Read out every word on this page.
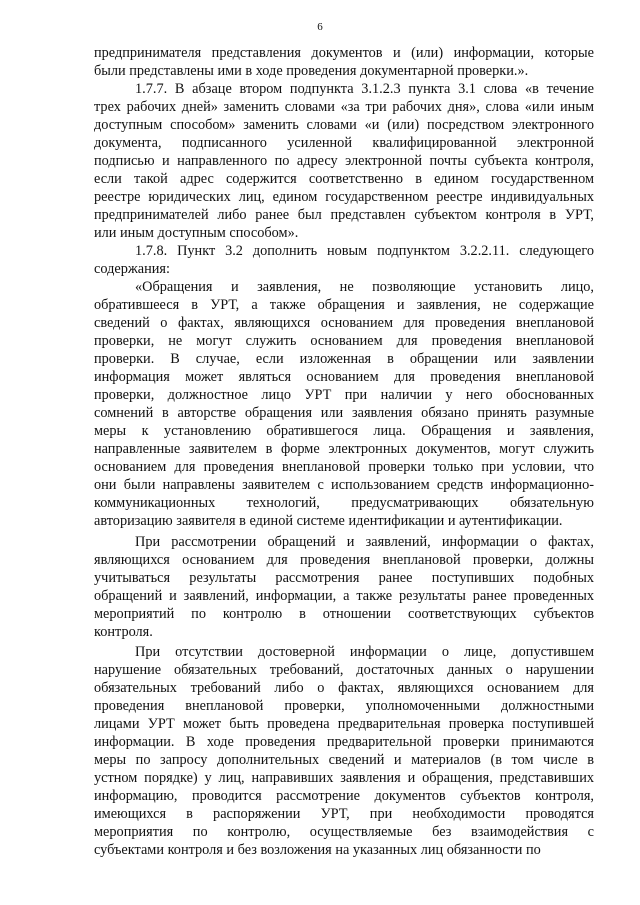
6
предпринимателя представления документов и (или) информации, которые
были представлены ими в ходе проведения документарной проверки.».
1.7.7. В абзаце втором подпункта 3.1.2.3 пункта 3.1 слова «в течение
трех рабочих дней» заменить словами «за три рабочих дня», слова «или иным
доступным способом» заменить словами «и (или) посредством электронного
документа, подписанного усиленной квалифицированной электронной
подписью и направленного по адресу электронной почты субъекта контроля,
если такой адрес содержится соответственно в едином государственном
реестре юридических лиц, едином государственном реестре индивидуальных
предпринимателей либо ранее был представлен субъектом контроля в УРТ,
или иным доступным способом».
1.7.8. Пункт 3.2 дополнить новым подпунктом 3.2.2.11. следующего
содержания:
«Обращения и заявления, не позволяющие установить лицо,
обратившееся в УРТ, а также обращения и заявления, не содержащие
сведений о фактах, являющихся основанием для проведения внеплановой
проверки, не могут служить основанием для проведения внеплановой
проверки. В случае, если изложенная в обращении или заявлении
информация может являться основанием для проведения внеплановой
проверки, должностное лицо УРТ при наличии у него обоснованных
сомнений в авторстве обращения или заявления обязано принять разумные
меры к установлению обратившегося лица. Обращения и заявления,
направленные заявителем в форме электронных документов, могут служить
основанием для проведения внеплановой проверки только при условии, что
они были направлены заявителем с использованием средств информационно-
коммуникационных технологий, предусматривающих обязательную
авторизацию заявителя в единой системе идентификации и аутентификации.
При рассмотрении обращений и заявлений, информации о фактах,
являющихся основанием для проведения внеплановой проверки, должны
учитываться результаты рассмотрения ранее поступивших подобных
обращений и заявлений, информации, а также результаты ранее проведенных
мероприятий по контролю в отношении соответствующих субъектов
контроля.
При отсутствии достоверной информации о лице, допустившем
нарушение обязательных требований, достаточных данных о нарушении
обязательных требований либо о фактах, являющихся основанием для
проведения внеплановой проверки, уполномоченными должностными
лицами УРТ может быть проведена предварительная проверка поступившей
информации. В ходе проведения предварительной проверки принимаются
меры по запросу дополнительных сведений и материалов (в том числе в
устном порядке) у лиц, направивших заявления и обращения, представивших
информацию, проводится рассмотрение документов субъектов контроля,
имеющихся в распоряжении УРТ, при необходимости проводятся
мероприятия по контролю, осуществляемые без взаимодействия с
субъектами контроля и без возложения на указанных лиц обязанности по
